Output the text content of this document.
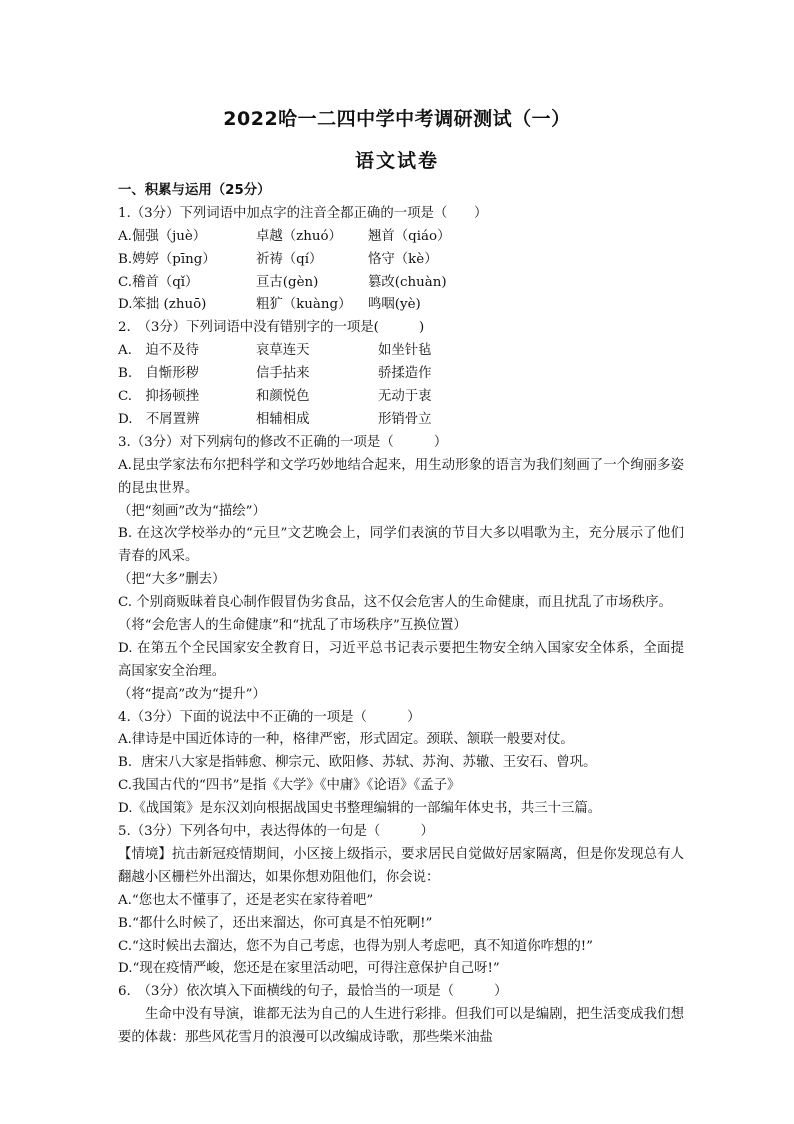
2022哈一二四中学中考调研测试（一）
语文试卷
一、积累与运用（25分）
1.（3分）下列词语中加点字的注音全都正确的一项是（　　）
A.倔强（juè）	卓越（zhuó） 翘首（qiáo）
B.娉婷（pīng）	祈祷（qí）	恪守（kè）
C.稽首（qǐ）	亘古(gèn)	篡改(chuàn)
D.笨拙 (zhuō)	粗犷（kuàng） 鸣咽(yè)
2.　（3分）下列词语中没有错别字的一项是(　　　)
A.　迫不及待	哀草连天	如坐针毡
B.　自惭形秽	信手拈来	骄揉造作
C.　抑扬顿挫	和颜悦色	无动于衷
D.　不屑置辨	相辅相成	形销骨立
3.（3分）对下列病句的修改不正确的一项是（　　　）
A.昆虫学家法布尔把科学和文学巧妙地结合起来，用生动形象的语言为我们刻画了一个绚丽多姿的昆虫世界。
（把“刻画”改为“描绘”）
B. 在这次学校举办的“元旦”文艺晚会上，同学们表演的节目大多以唱歌为主，充分展示了他们青春的风采。
（把“大多”删去）
C. 个别商贩昧着良心制作假冒伪劣食品，这不仅会危害人的生命健康，而且扰乱了市场秩序。
（将“会危害人的生命健康”和“扰乱了市场秩序”互换位置）
D. 在第五个全民国家安全教育日，习近平总书记表示要把生物安全纳入国家安全体系，全面提高国家安全治理。
（将“提高”改为“提升”）
4.（3分）下面的说法中不正确的一项是（　　　）
A.律诗是中国近体诗的一种，格律严密，形式固定。颈联、颔联一般要对仗。
B．唐宋八大家是指韩愈、柳宗元、欧阳修、苏轼、苏洵、苏辙、王安石、曾巩。
C.我国古代的“四书”是指《大学》《中庸》《论语》《孟子》
D.《战国策》是东汉刘向根据战国史书整理编辑的一部编年体史书，共三十三篇。
5.（3分）下列各句中，表达得体的一句是（　　　）
【情境】抗击新冠疫情期间，小区接上级指示，要求居民自觉做好居家隔离，但是你发现总有人翻越小区栅栏外出溜达，如果你想劝阻他们，你会说：
A.“您也太不懂事了，还是老实在家待着吧”
B.“都什么时候了，还出来溜达，你可真是不怕死啊!”
C.“这时候出去溜达，您不为自己考虑，也得为别人考虑吧，真不知道你咋想的!”
D.“现在疫情严峻，您还是在家里活动吧，可得注意保护自己呀!”
6.　（3分）依次填入下面横线的句子，最恰当的一项是（　　　）
生命中没有导演，谁都无法为自己的人生进行彩排。但我们可以是编剧，把生活变成我们想要的体裁：那些风花雪月的浪漫可以改编成诗歌，那些柴米油盐
